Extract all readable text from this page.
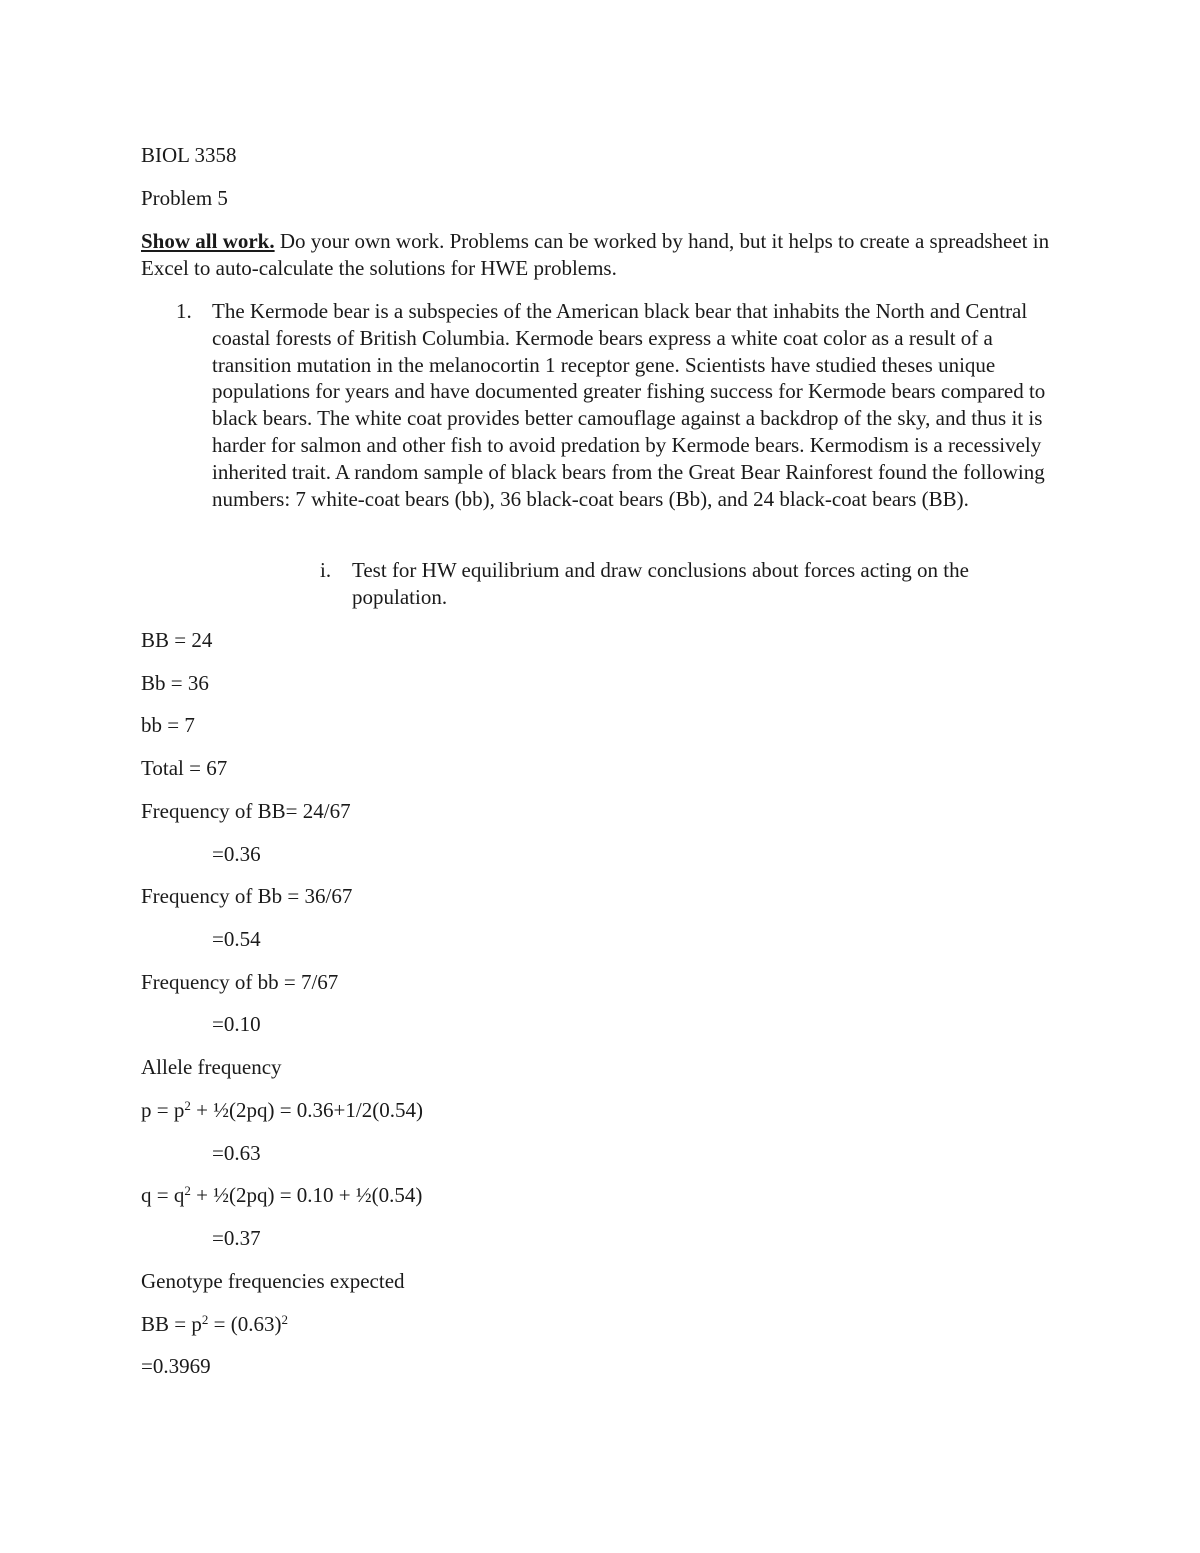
BIOL 3358
Problem 5
Show all work. Do your own work. Problems can be worked by hand, but it helps to create a spreadsheet in Excel to auto-calculate the solutions for HWE problems.
1. The Kermode bear is a subspecies of the American black bear that inhabits the North and Central coastal forests of British Columbia. Kermode bears express a white coat color as a result of a transition mutation in the melanocortin 1 receptor gene. Scientists have studied theses unique populations for years and have documented greater fishing success for Kermode bears compared to black bears. The white coat provides better camouflage against a backdrop of the sky, and thus it is harder for salmon and other fish to avoid predation by Kermode bears. Kermodism is a recessively inherited trait. A random sample of black bears from the Great Bear Rainforest found the following numbers: 7 white-coat bears (bb), 36 black-coat bears (Bb), and 24 black-coat bears (BB).
i. Test for HW equilibrium and draw conclusions about forces acting on the population.
BB = 24
Bb = 36
bb = 7
Total = 67
Frequency of BB= 24/67
=0.36
Frequency of Bb = 36/67
=0.54
Frequency of bb = 7/67
=0.10
Allele frequency
$p = p^2$ + ½(2pq) = 0.36+1/2(0.54)
=0.63
$q = q^2$ + ½(2pq) = 0.10 + ½(0.54)
=0.37
Genotype frequencies expected
BB = $p^2 = (0.63)^2$
=0.3969
